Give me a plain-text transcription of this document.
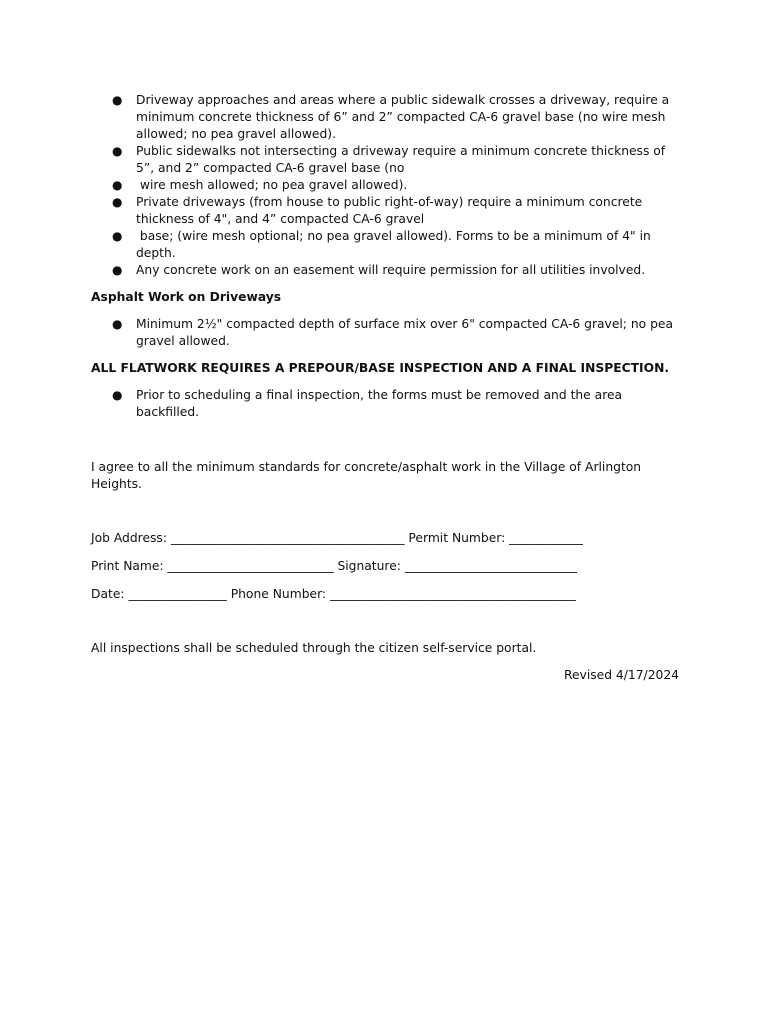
● Driveway approaches and areas where a public sidewalk crosses a driveway, require a minimum concrete thickness of 6” and 2” compacted CA-6 gravel base (no wire mesh allowed; no pea gravel allowed).
● Public sidewalks not intersecting a driveway require a minimum concrete thickness of 5”, and 2” compacted CA-6 gravel base (no
● wire mesh allowed; no pea gravel allowed).
● Private driveways (from house to public right-of-way) require a minimum concrete thickness of 4", and 4” compacted CA-6 gravel
● base; (wire mesh optional; no pea gravel allowed). Forms to be a minimum of 4" in depth.
● Any concrete work on an easement will require permission for all utilities involved.

Asphalt Work on Driveways

● Minimum 2½" compacted depth of surface mix over 6" compacted CA-6 gravel; no pea gravel allowed.

ALL FLATWORK REQUIRES A PREPOUR/BASE INSPECTION AND A FINAL INSPECTION.

● Prior to scheduling a final inspection, the forms must be removed and the area backfilled.

I agree to all the minimum standards for concrete/asphalt work in the Village of Arlington Heights.

Job Address: ______________________________________ Permit Number: ____________

Print Name: ___________________________ Signature: ____________________________

Date: ________________ Phone Number: ________________________________________

All inspections shall be scheduled through the citizen self-service portal.

Revised 4/17/2024
